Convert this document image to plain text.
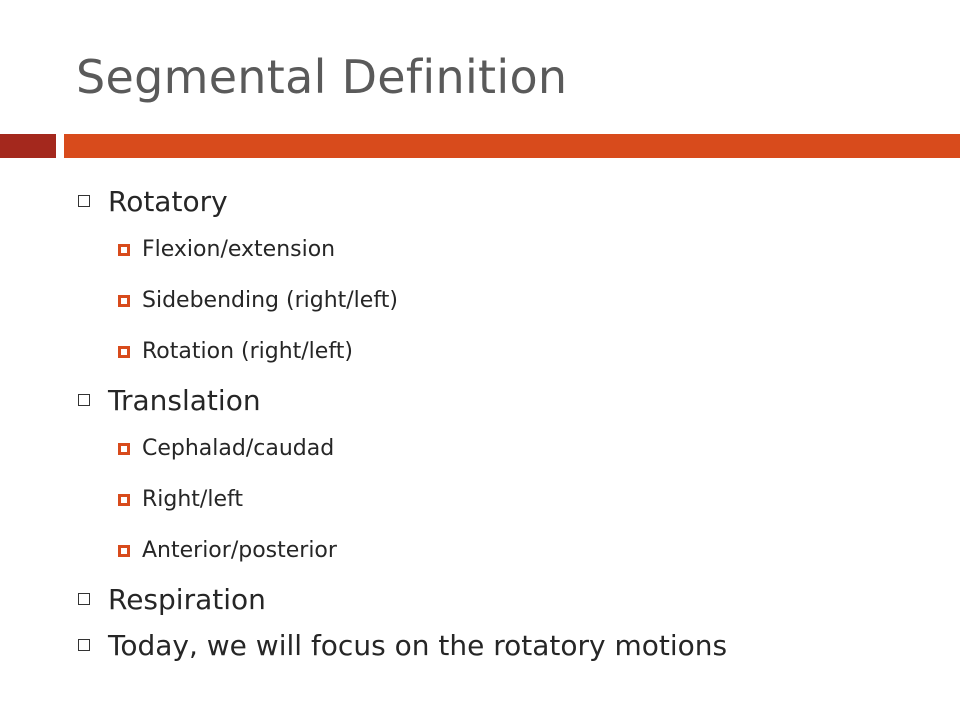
Segmental Definition
Rotatory
Flexion/extension
Sidebending (right/left)
Rotation (right/left)
Translation
Cephalad/caudad
Right/left
Anterior/posterior
Respiration
Today, we will focus on the rotatory motions
